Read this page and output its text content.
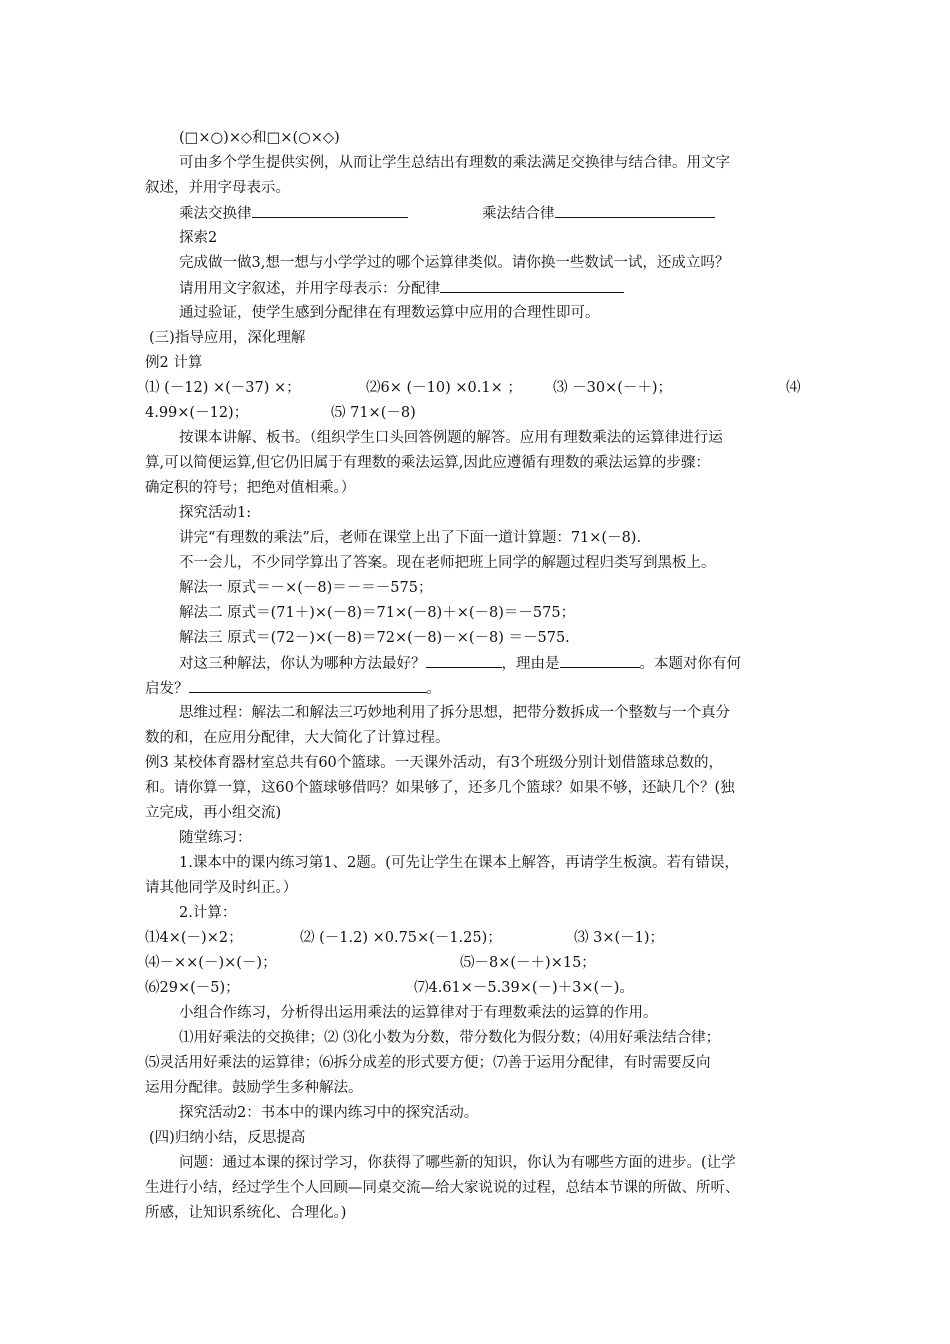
(□×○)×◇和□×(○×◇)
可由多个学生提供实例，从而让学生总结出有理数的乘法满足交换律与结合律。用文字
叙述，并用字母表示。
乘法交换律	乘法结合律
探索2
完成做一做3,想一想与小学学过的哪个运算律类似。请你换一些数试一试，还成立吗？
请用用文字叙述，并用字母表示：分配律
通过验证，使学生感到分配律在有理数运算中应用的合理性即可。
(三)指导应用，深化理解
例2 计算
⑴ (－12) ×(－37) ×；	⑵6× (－10) ×0.1× ； ⑶ －30×(－＋)；	⑷
4.99×(－12)；	⑸ 71×(－8)
按课本讲解、板书。（组织学生口头回答例题的解答。应用有理数乘法的运算律进行运
算,可以简便运算,但它仍旧属于有理数的乘法运算,因此应遵循有理数的乘法运算的步骤：
确定积的符号；把绝对值相乘。）
探究活动1:
讲完“有理数的乘法”后，老师在课堂上出了下面一道计算题：71×(－8).
不一会儿，不少同学算出了答案。现在老师把班上同学的解题过程归类写到黑板上。
解法一 原式＝－×(－8)＝－＝－575；
解法二 原式＝(71＋)×(－8)＝71×(－8)＋×(－8)＝－575；
解法三 原式＝(72－)×(－8)＝72×(－8)－×(－8) ＝－575.
对这三种解法，你认为哪种方法最好？	，理由是	。本题对你有何
启发？	。
思维过程：解法二和解法三巧妙地利用了拆分思想，把带分数拆成一个整数与一个真分
数的和，在应用分配律，大大简化了计算过程。
例3 某校体育器材室总共有60个篮球。一天课外活动，有3个班级分别计划借篮球总数的，
和。请你算一算，这60个篮球够借吗？如果够了，还多几个篮球？如果不够，还缺几个？(独
立完成，再小组交流)
随堂练习：
1.课本中的课内练习第1、2题。(可先让学生在课本上解答，再请学生板演。若有错误，
请其他同学及时纠正。）
2.计算：
⑴4×(－)×2；	⑵ (－1.2) ×0.75×(－1.25)；	⑶ 3×(－1)；
⑷－××(－)×(－)；	⑸－8×(－＋)×15；
⑹29×(－5)；	⑺4.61×－5.39×(－)＋3×(－)。
小组合作练习，分析得出运用乘法的运算律对于有理数乘法的运算的作用。
⑴用好乘法的交换律；⑵ ⑶化小数为分数，带分数化为假分数；⑷用好乘法结合律；
⑸灵活用好乘法的运算律；⑹拆分成差的形式要方便；⑺善于运用分配律，有时需要反向
运用分配律。鼓励学生多种解法。
探究活动2：书本中的课内练习中的探究活动。
(四)归纳小结，反思提高
问题：通过本课的探讨学习，你获得了哪些新的知识，你认为有哪些方面的进步。(让学
生进行小结，经过学生个人回顾—同桌交流—给大家说说的过程，总结本节课的所做、所听、
所感，让知识系统化、合理化。)
